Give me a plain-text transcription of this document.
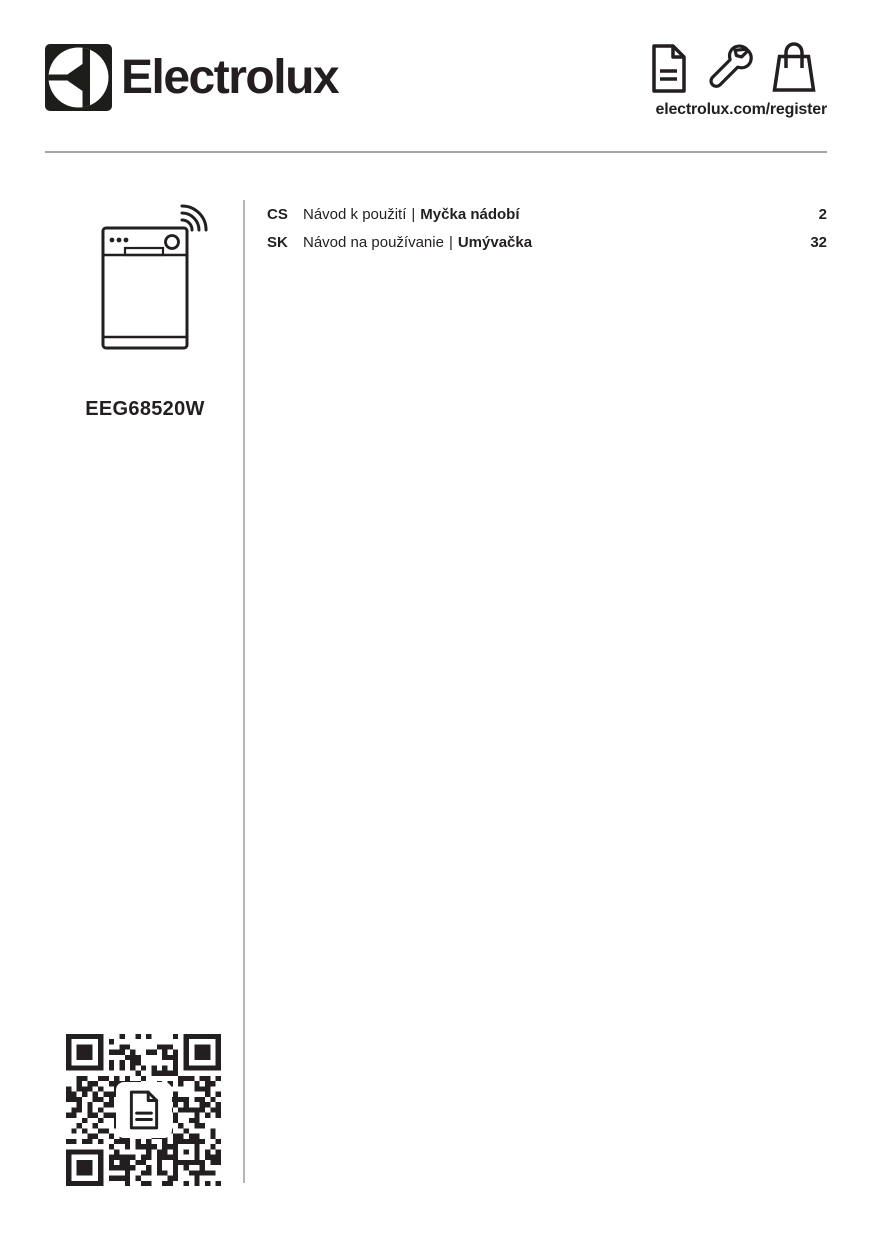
Electrolux
electrolux.com/register
EEG68520W
CS	Návod k použití | Myčka nádobí	2
SK	Návod na používanie | Umývačka	32
